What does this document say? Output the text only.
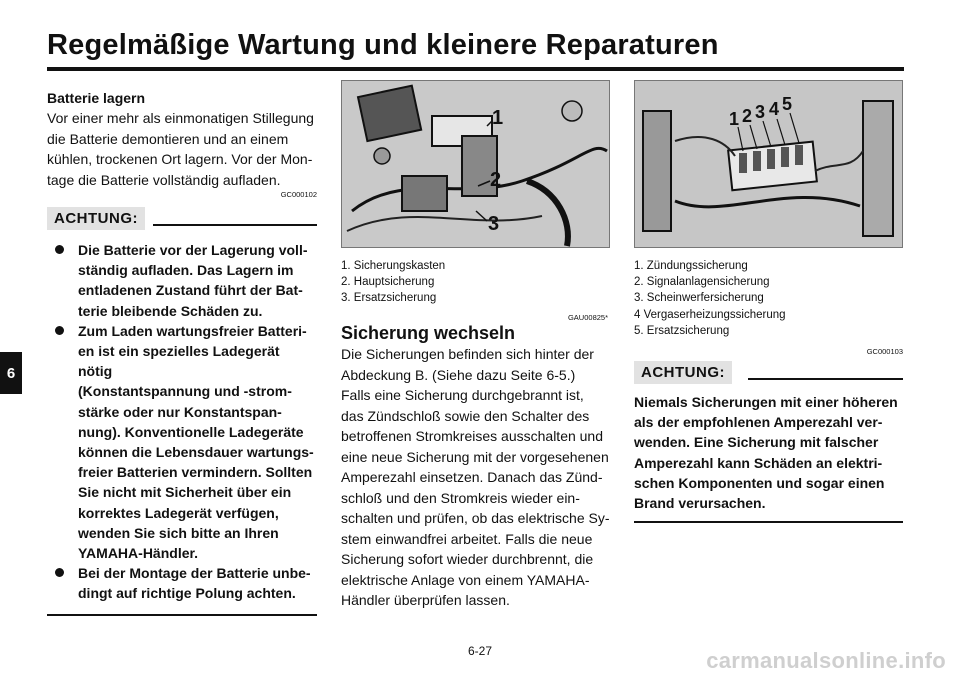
Regelmäßige Wartung und kleinere Reparaturen
6
Batterie lagern
Vor einer mehr als einmonatigen Stillegung
die Batterie demontieren und an einem
kühlen, trockenen Ort lagern. Vor der Mon-
tage die Batterie vollständig aufladen.
GC000102
ACHTUNG:
Die Batterie vor der Lagerung voll-
ständig aufladen. Das Lagern im
entladenen Zustand führt der Bat-
terie bleibende Schäden zu.
Zum Laden wartungsfreier Batteri-
en ist ein spezielles Ladegerät nötig
(Konstantspannung und -strom-
stärke oder nur Konstantspan-
nung). Konventionelle Ladegeräte
können die Lebensdauer wartungs-
freier Batterien vermindern. Sollten
Sie nicht mit Sicherheit über ein
korrektes Ladegerät verfügen,
wenden Sie sich bitte an Ihren
YAMAHA-Händler.
Bei der Montage der Batterie unbe-
dingt auf richtige Polung achten.
1
2
3
1. Sicherungskasten
2. Hauptsicherung
3. Ersatzsicherung
GAU00825*
Sicherung wechseln
Die Sicherungen befinden sich hinter der
Abdeckung B. (Siehe dazu Seite 6-5.)
Falls eine Sicherung durchgebrannt ist,
das Zündschloß sowie den Schalter des
betroffenen Stromkreises ausschalten und
eine neue Sicherung mit der vorgesehenen
Amperezahl einsetzen. Danach das Zünd-
schloß und den Stromkreis wieder ein-
schalten und prüfen, ob das elektrische Sy-
stem einwandfrei arbeitet. Falls die neue
Sicherung sofort wieder durchbrennt, die
elektrische Anlage von einem YAMAHA-
Händler überprüfen lassen.
1 2 3 4 5
1. Zündungssicherung
2. Signalanlagensicherung
3. Scheinwerfersicherung
4 Vergaserheizungssicherung
5. Ersatzsicherung
GC000103
ACHTUNG:
Niemals Sicherungen mit einer höheren
als der empfohlenen Amperezahl ver-
wenden. Eine Sicherung mit falscher
Amperezahl kann Schäden an elektri-
schen Komponenten und sogar einen
Brand verursachen.
6-27	carmanualsonline.info
